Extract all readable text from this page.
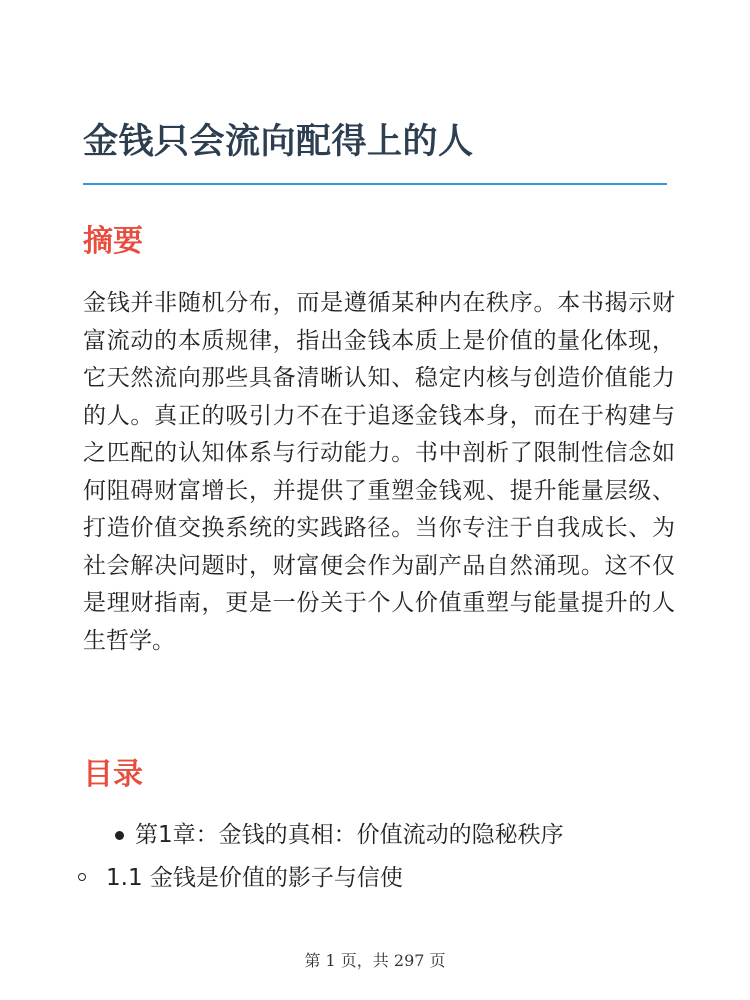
金钱只会流向配得上的人
摘要

金钱并非随机分布，而是遵循某种内在秩序。本书揭示财富流动的本质规律，指出金钱本质上是价值的量化体现，它天然流向那些具备清晰认知、稳定内核与创造价值能力的人。真正的吸引力不在于追逐金钱本身，而在于构建与之匹配的认知体系与行动能力。书中剖析了限制性信念如何阻碍财富增长，并提供了重塑金钱观、提升能量层级、打造价值交换系统的实践路径。当你专注于自我成长、为社会解决问题时，财富便会作为副产品自然涌现。这不仅是理财指南，更是一份关于个人价值重塑与能量提升的人生哲学。

目录
第1章：金钱的真相：价值流动的隐秘秩序
1.1 金钱是价值的影子与信使
第 1 页，共 297 页
